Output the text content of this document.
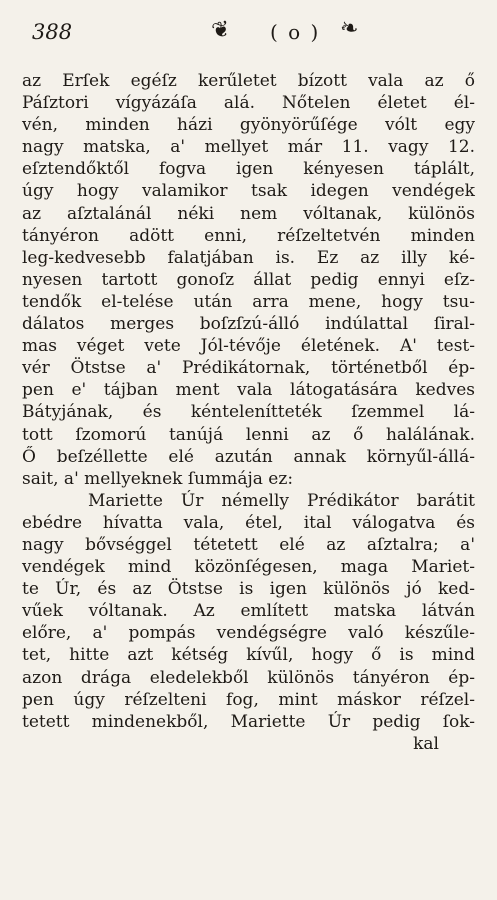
388	❦ ( o ) ❧
az Erſek egéſz kerűletet bízott vala az ő
Páſztori vígyázáſa alá. Nőtelen életet él-
vén, minden házi gyönyörűſége vólt egy
nagy matska, a' mellyet már 11. vagy 12.
eſztendőktől fogva igen kényesen táplált,
úgy hogy valamikor tsak idegen vendégek
az aſztalánál néki nem vóltanak, különös
tányéron adött enni, réſzeltetvén minden
leg-kedvesebb falatjában is. Ez az illy ké-
nyesen tartott gonoſz állat pedig ennyi eſz-
tendők el-telése után arra mene, hogy tsu-
dálatos merges boſzſzú-álló indúlattal ſiral-
mas véget vete Jól-tévője életének. A' test-
vér Ötstse a' Prédikátornak, történetből ép-
pen e' tájban ment vala látogatására kedves
Bátyjának, és kéntelenítteték ſzemmel lá-
tott ſzomorú tanújá lenni az ő halálának.
Ő beſzéllette elé azután annak környűl-állá-
sait, a' mellyeknek ſummája ez:
Mariette Úr némelly Prédikátor barátit
ebédre hívatta vala, étel, ital válogatva és
nagy bővséggel tétetett elé az aſztalra; a'
vendégek mind közönſégesen, maga Mariet-
te Úr, és az Ötstse is igen különös jó ked-
vűek vóltanak. Az említett matska látván
előre, a' pompás vendégségre való készűle-
tet, hitte azt kétség kívűl, hogy ő is mind
azon drága eledelekből különös tányéron ép-
pen úgy réſzelteni fog, mint máskor réſzel-
tetett mindenekből, Mariette Úr pedig ſok-
kal
